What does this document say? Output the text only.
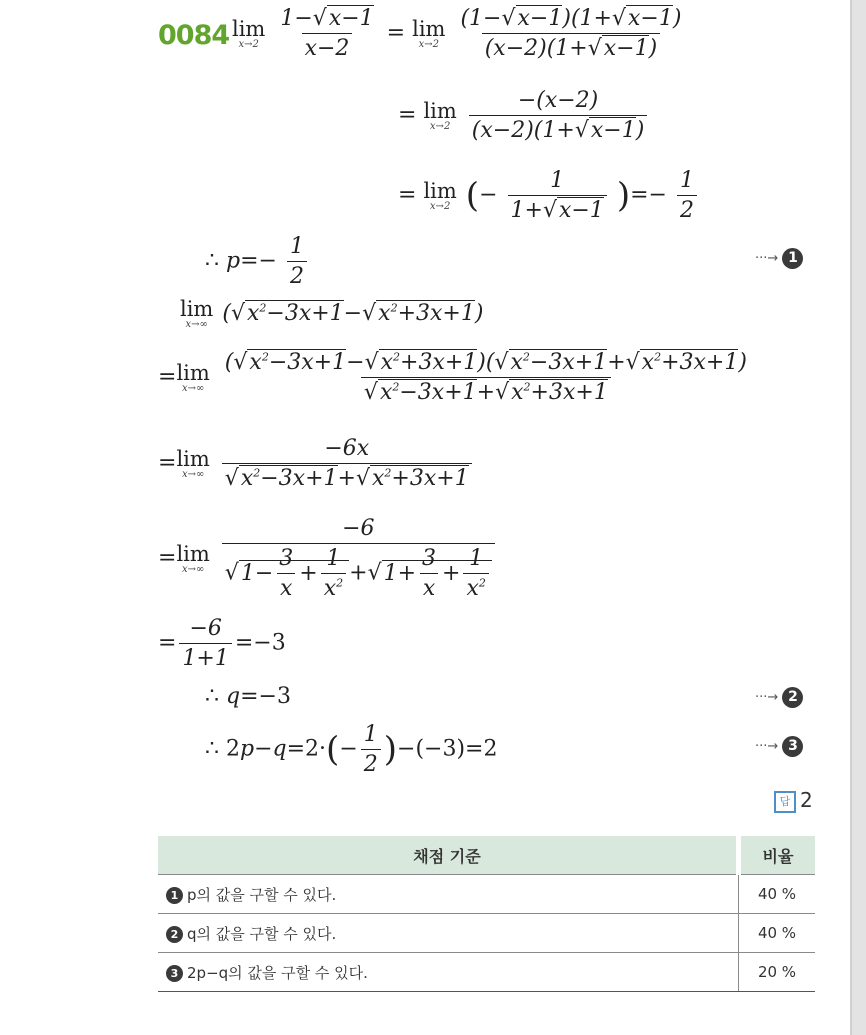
0084 lim
x→2
$\frac{1-√x-1}{x-2} = \lim$
x→2
$\frac{(1-√x-1)(1+√x-1)}{(x-2)(1+√x-1)}$
= lim
x→2
$\frac{-(x-2)}{(x-2)(1+√x-1)}$
= lim
x→2 (− $\frac{1}{1+√x-1}$ )=− $\frac{1}{2}$
∴ $p=- \frac{1}{2}$	···→ 1
lim
x→∞ $(√x^2-3x+1-√x^2+3x+1)$
= lim
x→∞
$\frac{(√x^2-3x+1-√x^2+3x+1)(√x^2-3x+1+√x^2+3x+1)}{√x^2-3x+1+√x^2+3x+1}$
= lim
x→∞
$\frac{-6x}{√x^2-3x+1+√x^2+3x+1}$
= lim
x→∞
$\frac{-6}{√1- \frac{3}{x} + \frac{1}{x^2} +√1+ \frac{3}{x} + \frac{1}{x^2}}$
= $\frac{-6}{1+1} =-3$
∴ q=−3	···→ 2
∴ $2p-q=2\cdot(- \frac{1}{2} )-(-3)=2$	···→ 3
답 2
채점 기준	비율
1 p의 값을 구할 수 있다.	40 %
2 q의 값을 구할 수 있다.	40 %
3 2p−q의 값을 구할 수 있다.	20 %
